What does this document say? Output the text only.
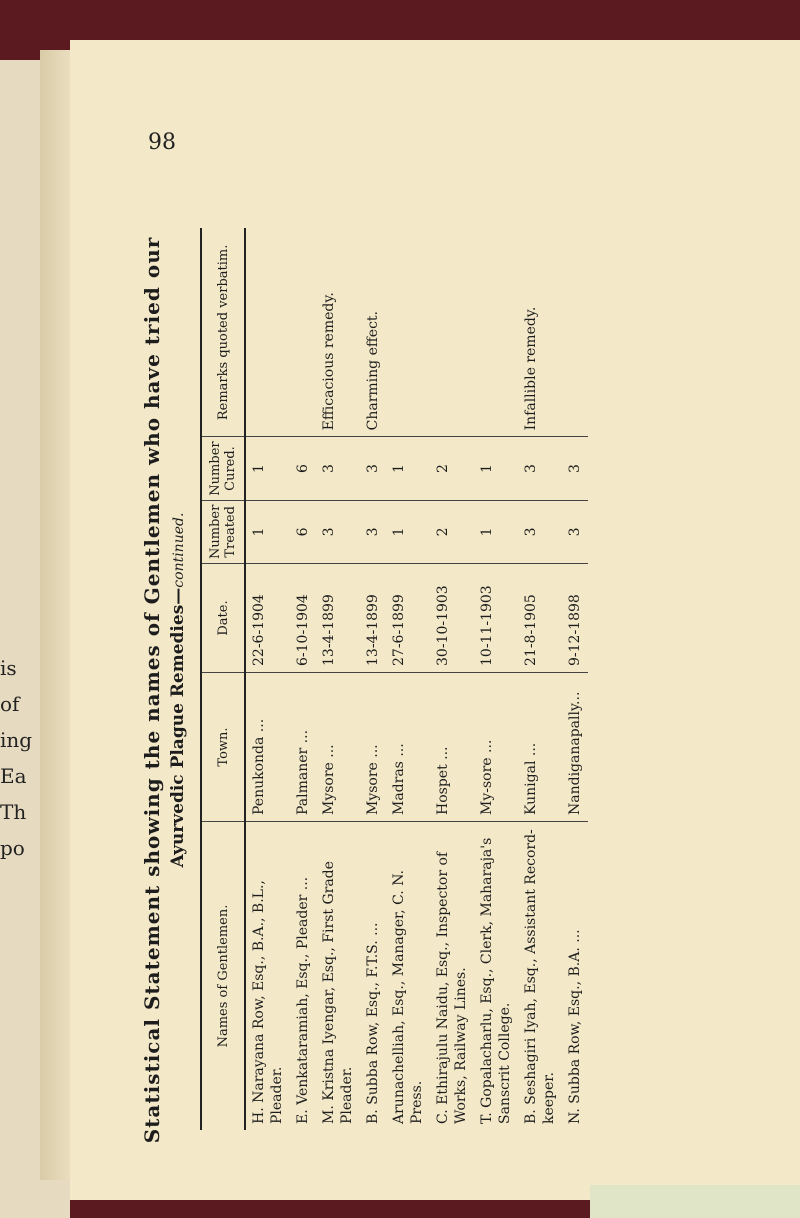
is
of
ing
Ea
Th
po
98
Statistical Statement showing the names of Gentlemen who have tried our Ayurvedic Plague Remedies—continued.
Names of Gentlemen.	Town.	Date.	Number Treated	Number Cured.	Remarks quoted verbatim.
H. Narayana Row, Esq., B.A., B.L., Pleader.	Penukonda ...	22-6-1904	1	1	
E. Venkataramiah, Esq., Pleader ...	Palmaner ...	6-10-1904	6	6	
M. Kristna Iyengar, Esq., First Grade Pleader.	Mysore ...	13-4-1899	3	3	Efficacious remedy.
B. Subba Row, Esq., F.T.S. ...	Mysore ...	13-4-1899	3	3	Charming effect.
Arunachelliah, Esq., Manager, C. N. Press.	Madras ...	27-6-1899	1	1	
C. Ethirajulu Naidu, Esq., Inspector of Works, Railway Lines.	Hospet ...	30-10-1903	2	2	
T. Gopalacharlu, Esq., Clerk, Maharaja's Sanscrit College.	My-sore ...	10-11-1903	1	1	
B. Seshagiri Iyah, Esq., Assistant Record-keeper.	Kunigal ...	21-8-1905	3	3	Infallible remedy.
N. Subba Row, Esq., B.A. ...	Nandiganapally...	9-12-1898	3	3	
